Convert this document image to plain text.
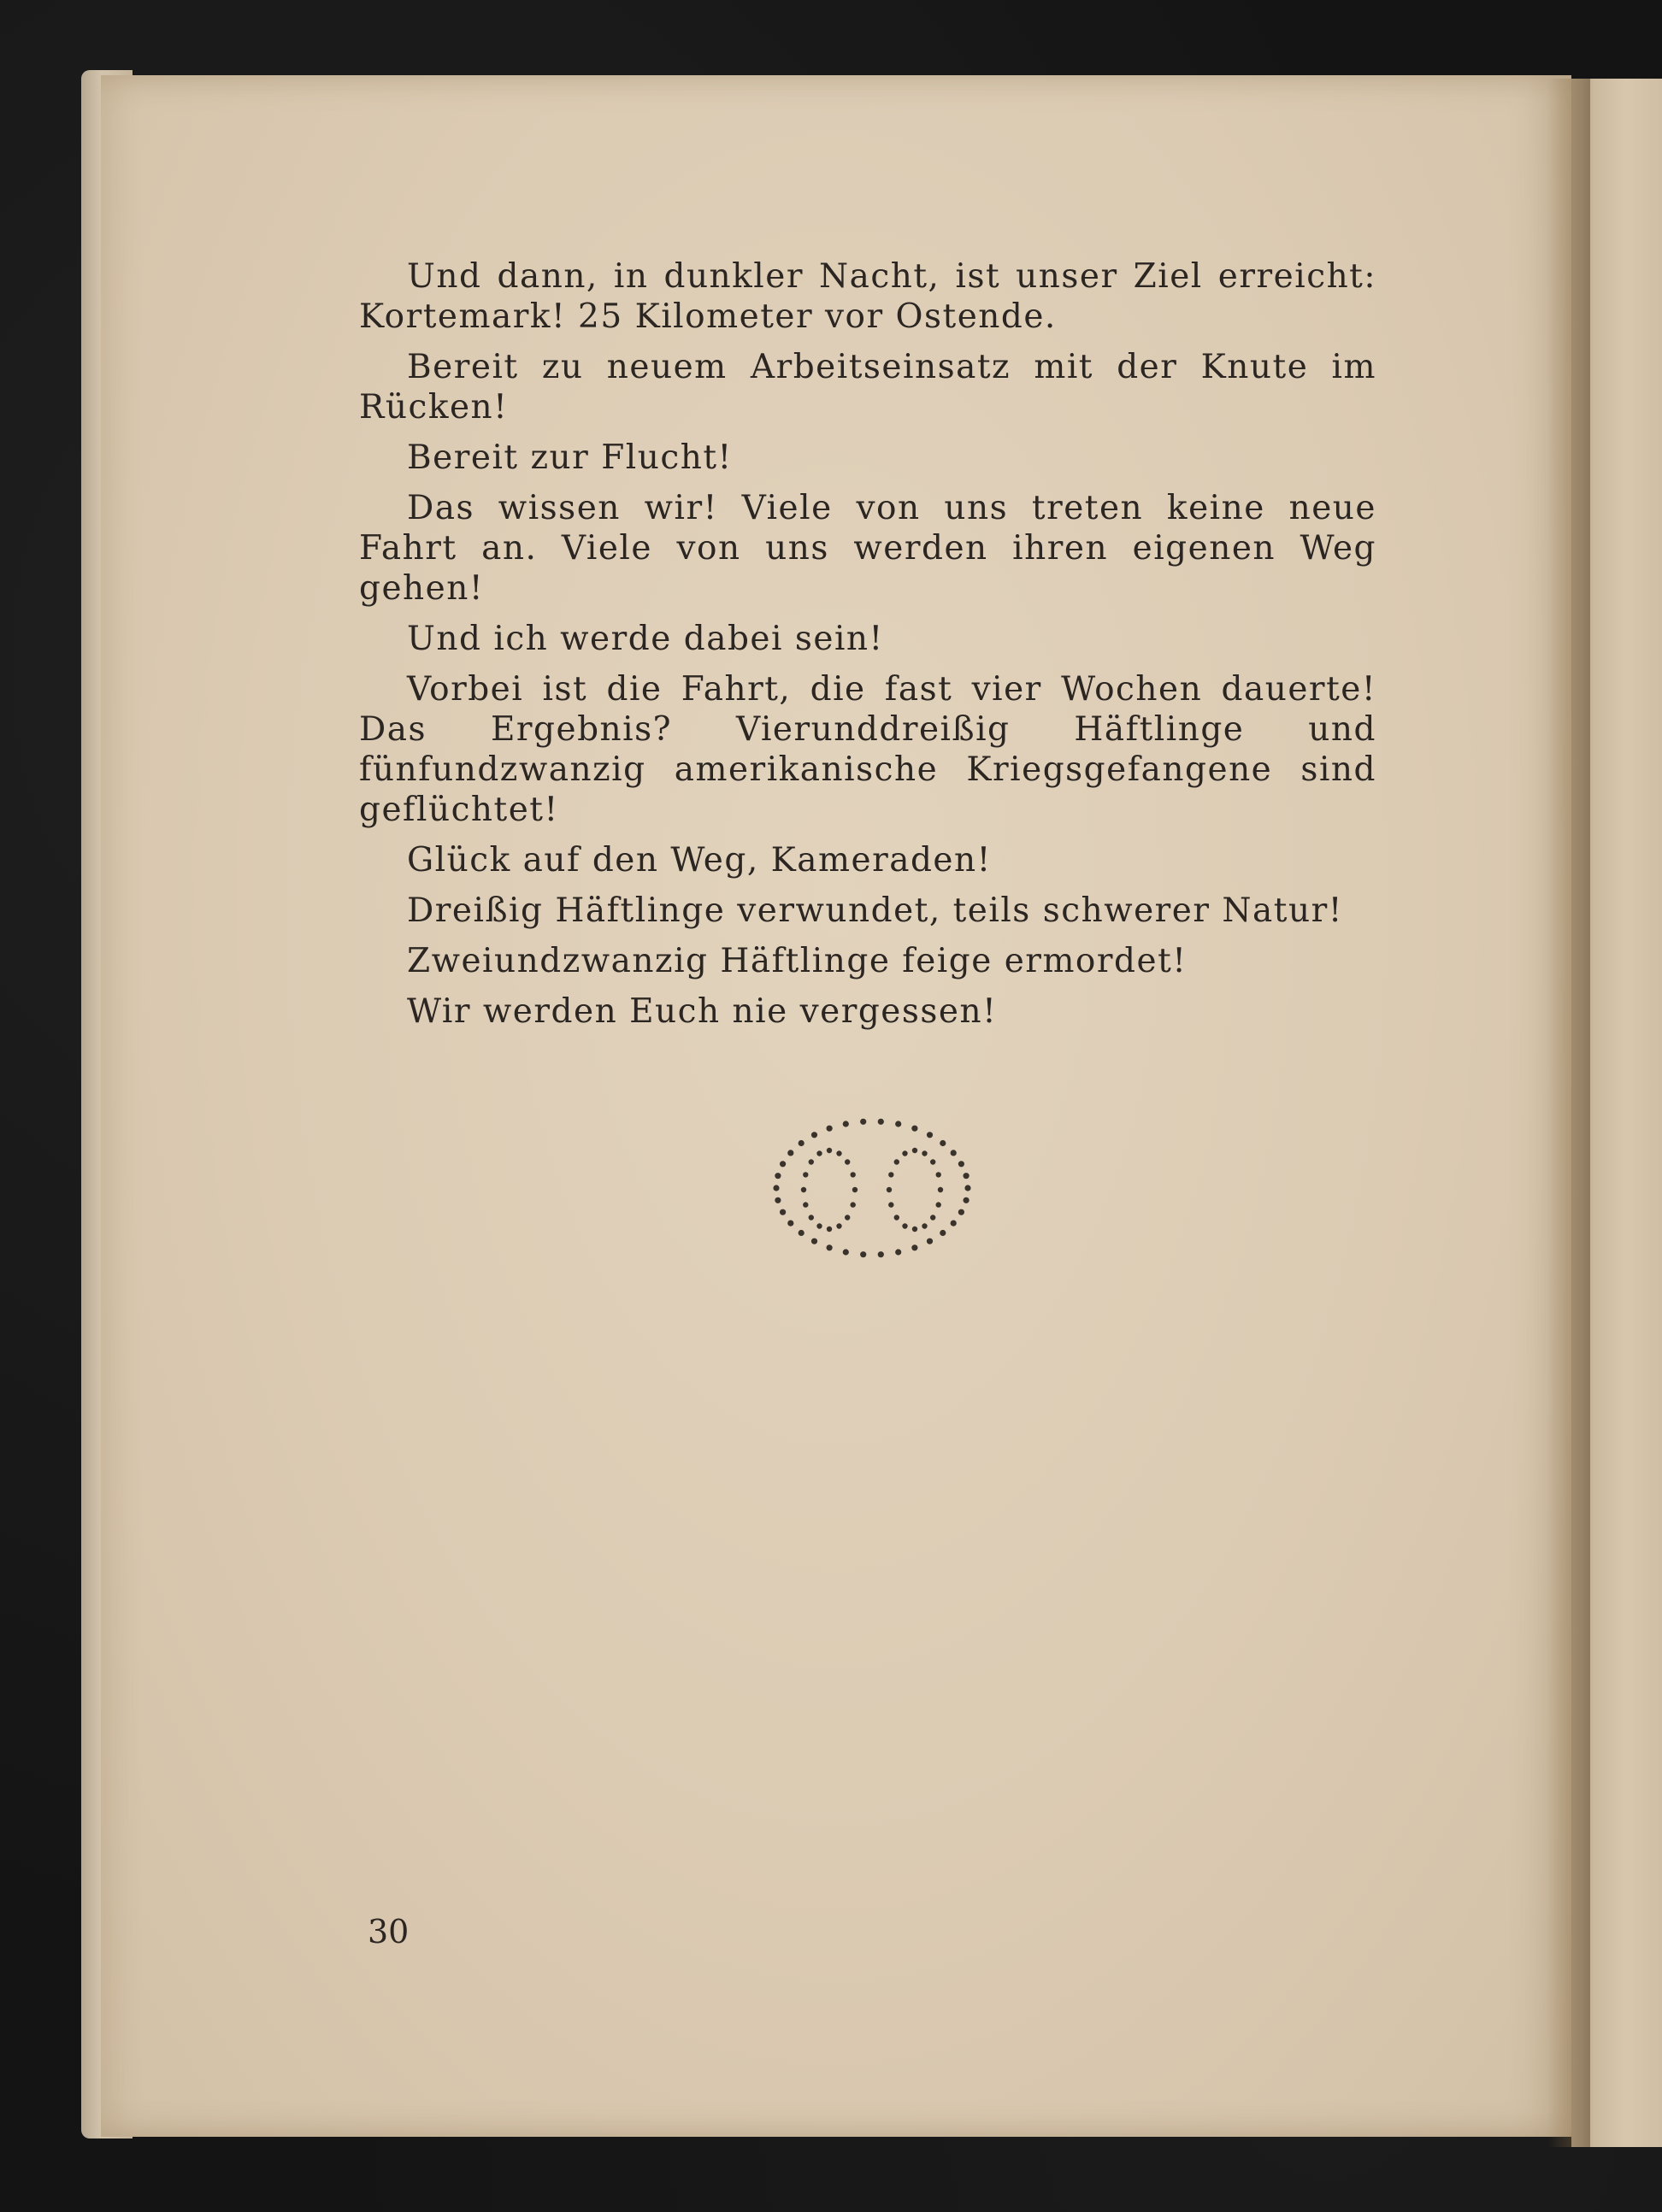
Und dann, in dunkler Nacht, ist unser Ziel erreicht: Kortemark! 25 Kilometer vor Ostende.

Bereit zu neuem Arbeitseinsatz mit der Knute im Rücken!

Bereit zur Flucht!

Das wissen wir! Viele von uns treten keine neue Fahrt an. Viele von uns werden ihren eigenen Weg gehen!

Und ich werde dabei sein!

Vorbei ist die Fahrt, die fast vier Wochen dauerte! Das Ergebnis? Vierunddreißig Häftlinge und fünfundzwanzig amerikanische Kriegsgefangene sind geflüchtet!

Glück auf den Weg, Kameraden!

Dreißig Häftlinge verwundet, teils schwerer Natur!

Zweiundzwanzig Häftlinge feige ermordet!

Wir werden Euch nie vergessen!

30
